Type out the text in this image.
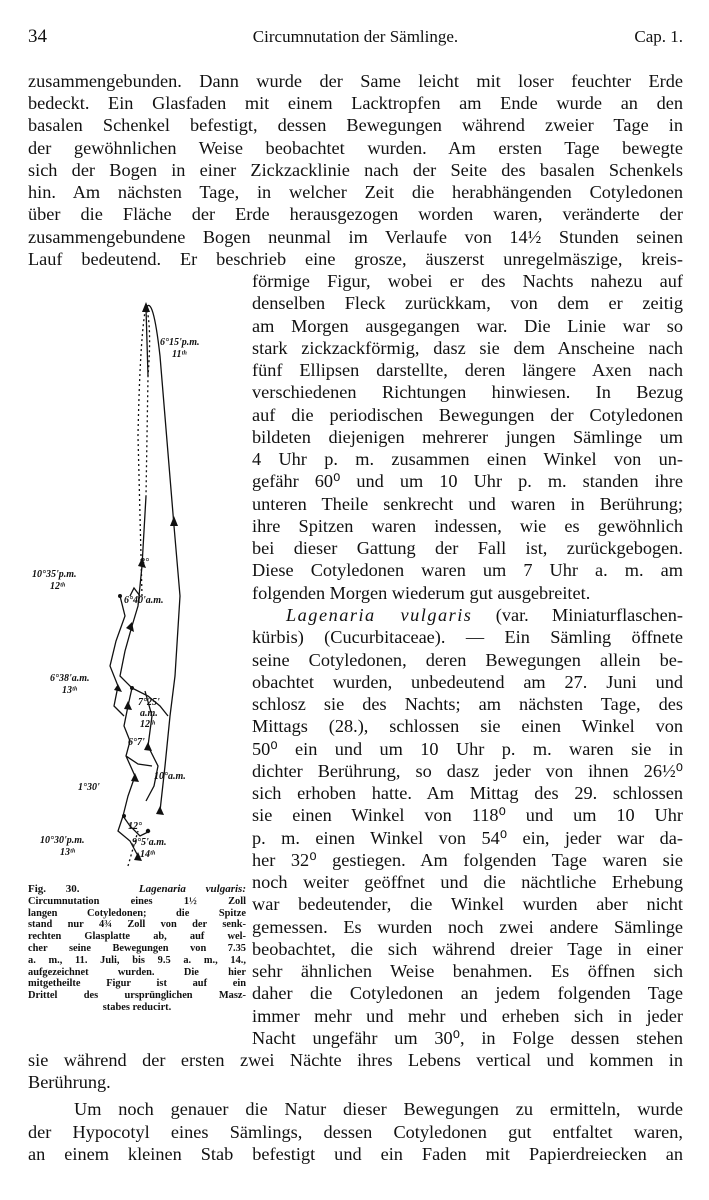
34	Circumnutation der Sämlinge.	Cap. 1.
zusammengebunden. Dann wurde der Same leicht mit loser feuchter Erde
bedeckt. Ein Glasfaden mit einem Lacktropfen am Ende wurde an den
basalen Schenkel befestigt, dessen Bewegungen während zweier Tage in
der gewöhnlichen Weise beobachtet wurden. Am ersten Tage bewegte
sich der Bogen in einer Zickzacklinie nach der Seite des basalen Schenkels
hin. Am nächsten Tage, in welcher Zeit die herabhängenden Cotyledonen
über die Fläche der Erde herausgezogen worden waren, veränderte der
zusammengebundene Bogen neunmal im Verlaufe von 14½ Stunden seinen
Lauf bedeutend. Er beschrieb eine grosze, äuszerst unregelmäszige, kreis-
förmige Figur, wobei er des Nachts nahezu auf
denselben Fleck zurückkam, von dem er zeitig
am Morgen ausgegangen war. Die Linie war so
stark zickzackförmig, dasz sie dem Anscheine nach
fünf Ellipsen darstellte, deren längere Axen nach
verschiedenen Richtungen hinwiesen. In Bezug
auf die periodischen Bewegungen der Cotyledonen
bildeten diejenigen mehrerer jungen Sämlinge um
4 Uhr p. m. zusammen einen Winkel von un-
gefähr 60⁰ und um 10 Uhr p. m. standen ihre
unteren Theile senkrecht und waren in Berührung;
ihre Spitzen waren indessen, wie es gewöhnlich
bei dieser Gattung der Fall ist, zurückgebogen.
Diese Cotyledonen waren um 7 Uhr a. m. am
folgenden Morgen wiederum gut ausgebreitet.
Lagenaria vulgaris (var. Miniaturflaschen-
kürbis) (Cucurbitaceae). — Ein Sämling öffnete
seine Cotyledonen, deren Bewegungen allein be-
obachtet wurden, unbedeutend am 27. Juni und
schlosz sie des Nachts; am nächsten Tage, des
Mittags (28.), schlossen sie einen Winkel von
50⁰ ein und um 10 Uhr p. m. waren sie in
dichter Berührung, so dasz jeder von ihnen 26½⁰
sich erhoben hatte. Am Mittag des 29. schlossen
sie einen Winkel von 118⁰ und um 10 Uhr
p. m. einen Winkel von 54⁰ ein, jeder war da-
her 32⁰ gestiegen. Am folgenden Tage waren sie
noch weiter geöffnet und die nächtliche Erhebung
war bedeutender, die Winkel wurden aber nicht
gemessen. Es wurden noch zwei andere Sämlinge
beobachtet, die sich während dreier Tage in einer
sehr ähnlichen Weise benahmen. Es öffnen sich
daher die Cotyledonen an jedem folgenden Tage
immer mehr und mehr und erheben sich in jeder
Nacht ungefähr um 30⁰, in Folge dessen stehen
sie während der ersten zwei Nächte ihres Lebens vertical und kommen in
Berührung.
Um noch genauer die Natur dieser Bewegungen zu ermitteln, wurde
der Hypocotyl eines Sämlings, dessen Cotyledonen gut entfaltet waren,
an einem kleinen Stab befestigt und ein Faden mit Papierdreiecken an
6°15'p.m.
11ᵗʰ
10°35'p.m.
12ᵗʰ
3°
6°40'a.m.
6°38'a.m.
13ᵗʰ
7°25'
a.m.
12ᵗʰ
6°7'
10°a.m.
1°30'
12°
10°30'p.m.
13ᵗʰ
9°5'a.m.
14ᵗʰ
Fig. 30.	Lagenaria vulgaris:
Circumnutation eines 1½ Zoll
langen Cotyledonen; die Spitze
stand nur 4¾ Zoll von der senk-
rechten Glasplatte ab, auf wel-
cher seine Bewegungen von 7.35
a. m., 11. Juli, bis 9.5 a. m., 14.,
aufgezeichnet wurden. Die hier
mitgetheilte Figur ist auf ein
Drittel des ursprünglichen Masz-
stabes reducirt.
